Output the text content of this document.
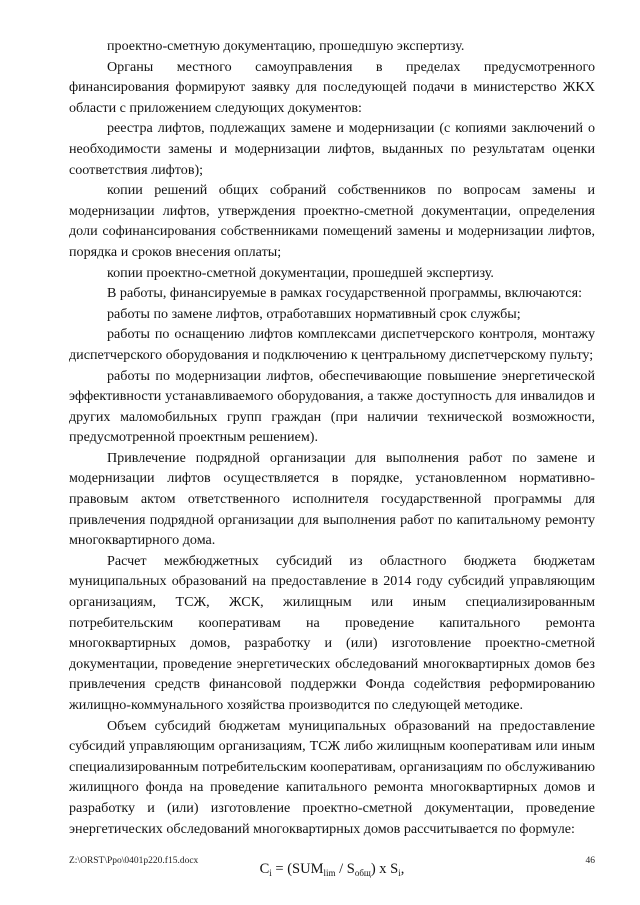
проектно-сметную документацию, прошедшую экспертизу.

Органы местного самоуправления в пределах предусмотренного финансирования формируют заявку для последующей подачи в министерство ЖКХ области с приложением следующих документов:

реестра лифтов, подлежащих замене и модернизации (с копиями заключений о необходимости замены и модернизации лифтов, выданных по результатам оценки соответствия лифтов);

копии решений общих собраний собственников по вопросам замены и модернизации лифтов, утверждения проектно-сметной документации, определения доли софинансирования собственниками помещений замены и модернизации лифтов, порядка и сроков внесения оплаты;

копии проектно-сметной документации, прошедшей экспертизу.

В работы, финансируемые в рамках государственной программы, включаются:

работы по замене лифтов, отработавших нормативный срок службы;

работы по оснащению лифтов комплексами диспетчерского контроля, монтажу диспетчерского оборудования и подключению к центральному диспетчерскому пульту;

работы по модернизации лифтов, обеспечивающие повышение энергетической эффективности устанавливаемого оборудования, а также доступность для инвалидов и других маломобильных групп граждан (при наличии технической возможности, предусмотренной проектным решением).

Привлечение подрядной организации для выполнения работ по замене и модернизации лифтов осуществляется в порядке, установленном нормативно-правовым актом ответственного исполнителя государственной программы для привлечения подрядной организации для выполнения работ по капитальному ремонту многоквартирного дома.

Расчет межбюджетных субсидий из областного бюджета бюджетам муниципальных образований на предоставление в 2014 году субсидий управляющим организациям, ТСЖ, ЖСК, жилищным или иным специализированным потребительским кооперативам на проведение капитального ремонта многоквартирных домов, разработку и (или) изготовление проектно-сметной документации, проведение энергетических обследований многоквартирных домов без привлечения средств финансовой поддержки Фонда содействия реформированию жилищно-коммунального хозяйства производится по следующей методике.

Объем субсидий бюджетам муниципальных образований на предоставление субсидий управляющим организациям, ТСЖ либо жилищным кооперативам или иным специализированным потребительским кооперативам, организациям по обслуживанию жилищного фонда на проведение капитального ремонта многоквартирных домов и разработку и (или) изготовление проектно-сметной документации, проведение энергетических обследований многоквартирных домов рассчитывается по формуле:

$C_i = (SUM_{lim} / S_{общ})$ x $S_i$,
Z:\ORST\Ppo\0401p220.f15.docx	46
